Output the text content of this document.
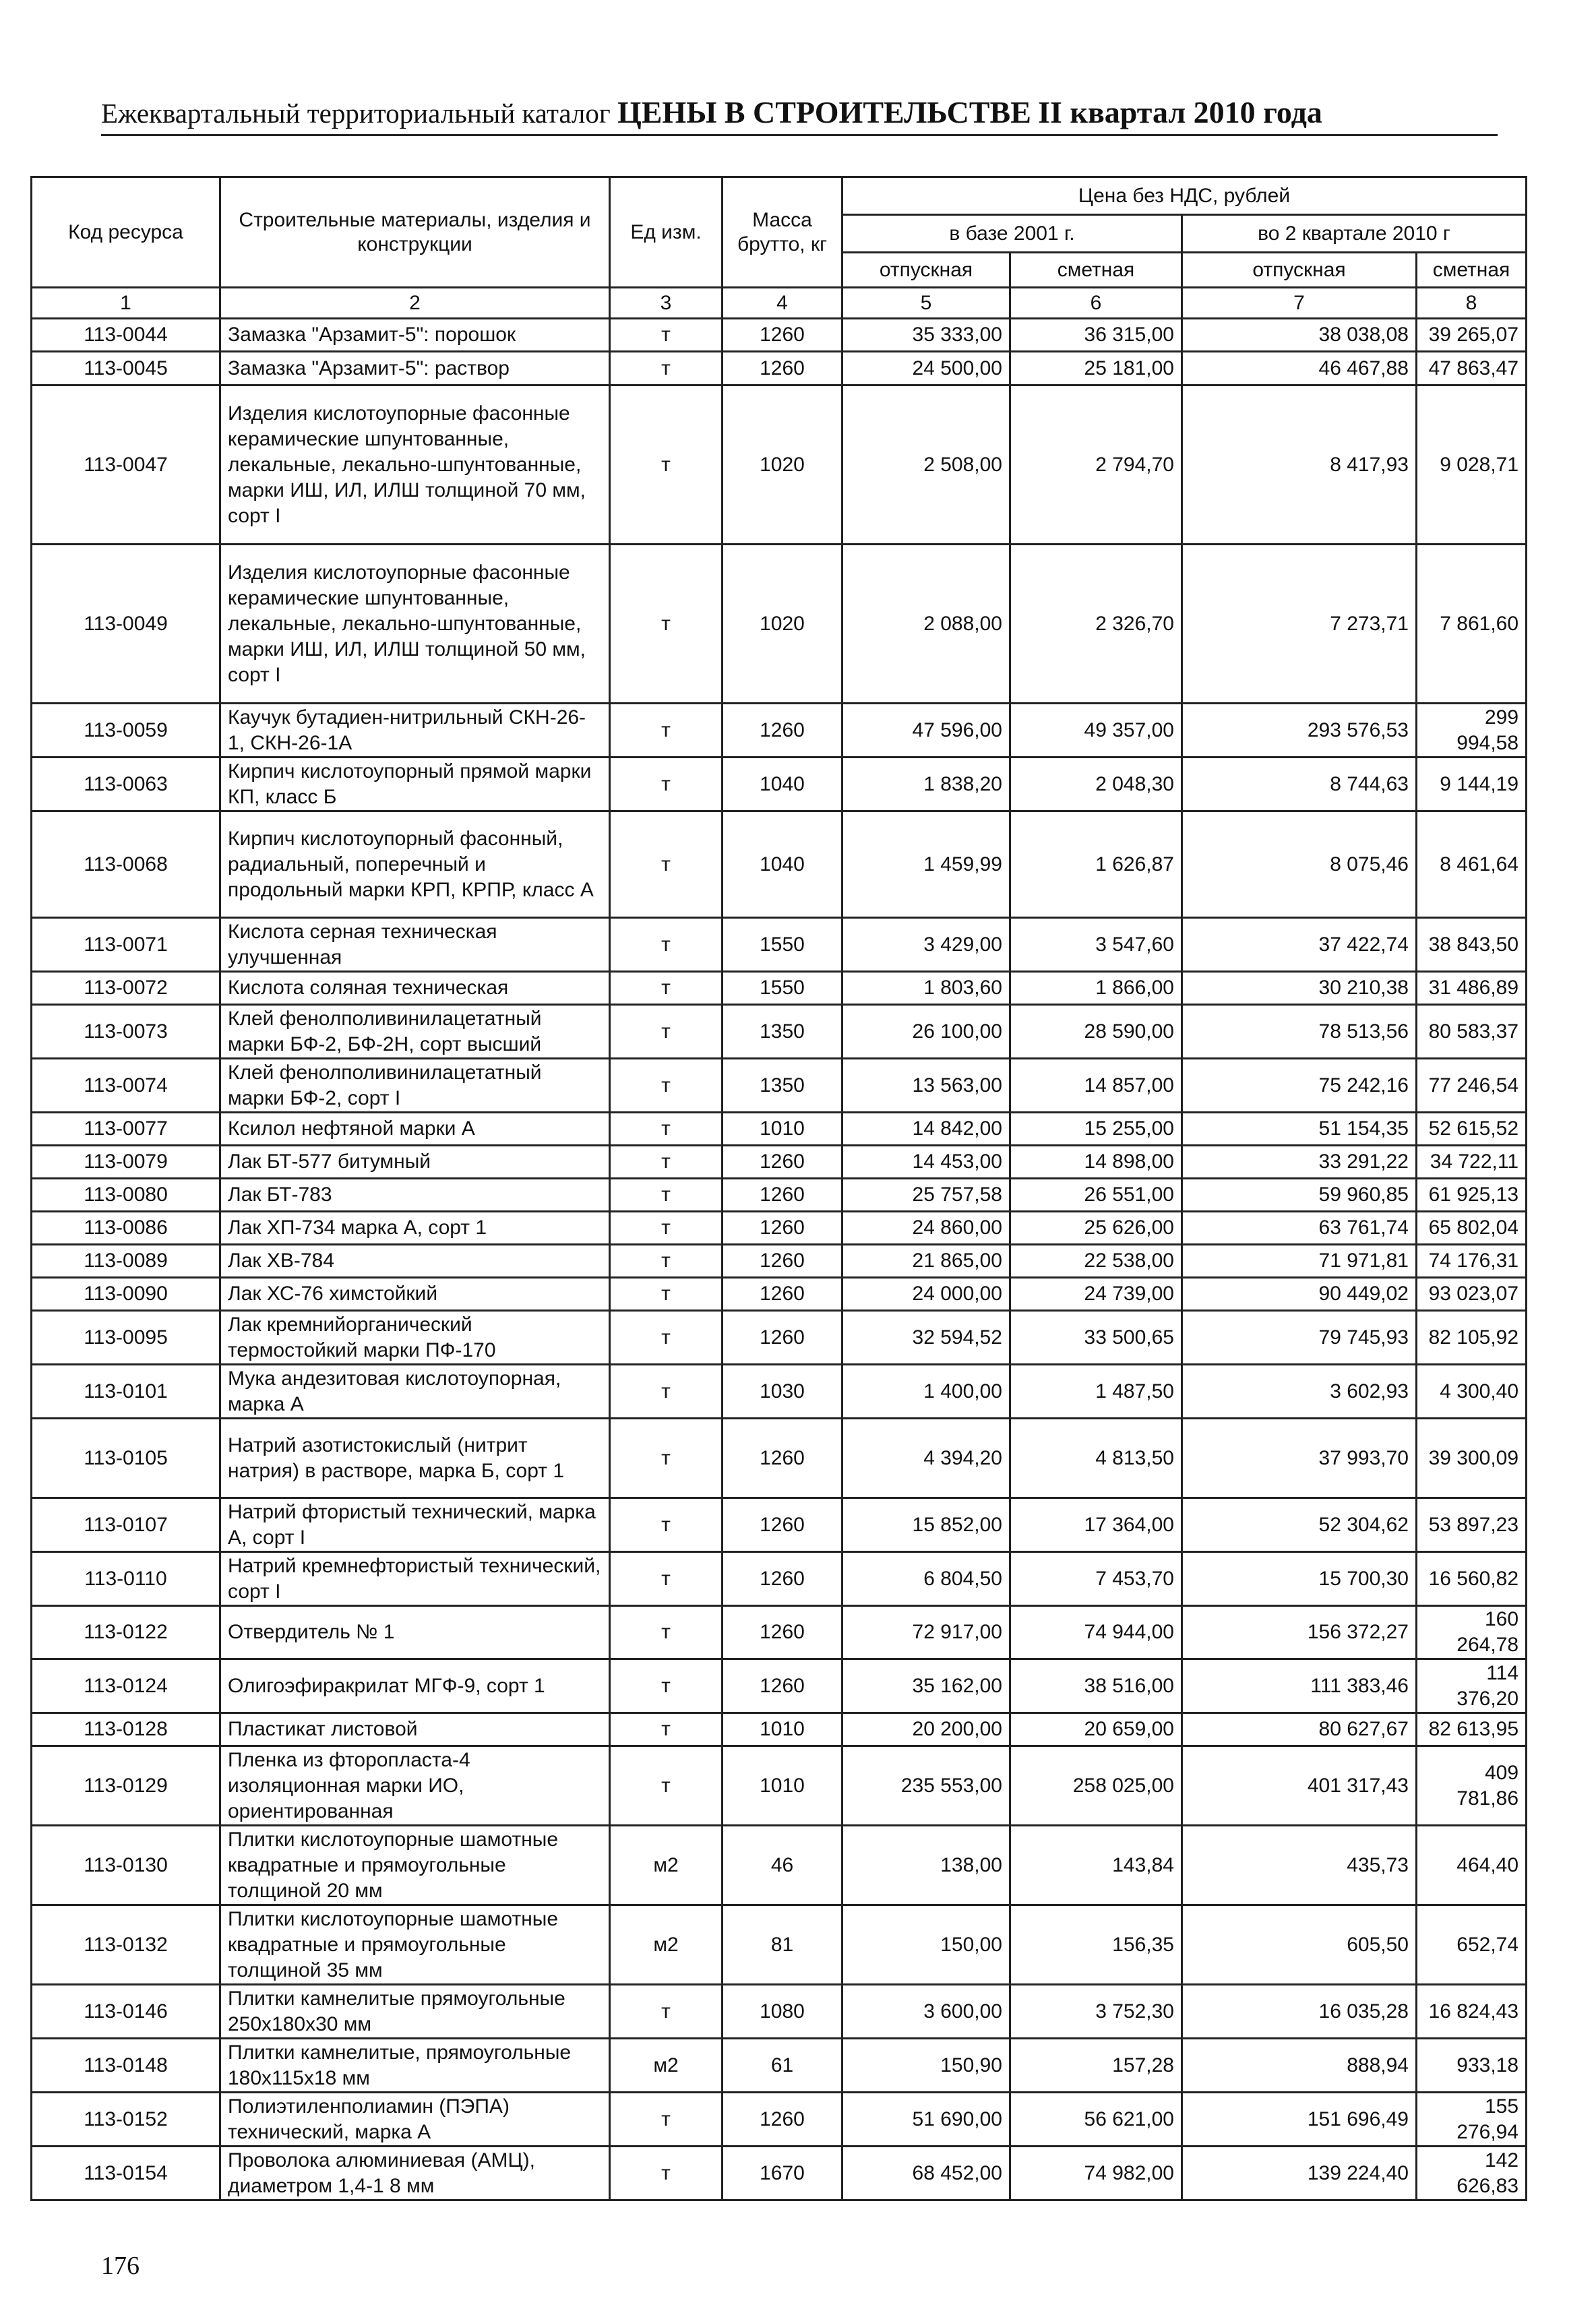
Ежеквартальный территориальный каталог ЦЕНЫ В СТРОИТЕЛЬСТВЕ II квартал 2010 года
Код ресурса	Строительные материалы, изделия и конструкции	Ед изм.	Масса брутто, кг	Цена без НДС, рублей			
				в базе 2001 г.		во 2 квартале 2010 г	
				отпускная	сметная	отпускная	сметная
1	2	3	4	5	6	7	8
113-0044	Замазка "Арзамит-5": порошок	т	1260	35 333,00	36 315,00	38 038,08	39 265,07
113-0045	Замазка "Арзамит-5": раствор	т	1260	24 500,00	25 181,00	46 467,88	47 863,47
113-0047	Изделия кислотоупорные фасонные керамические шпунтованные, лекальные, лекально-шпунтованные, марки ИШ, ИЛ, ИЛШ толщиной 70 мм, сорт I	т	1020	2 508,00	2 794,70	8 417,93	9 028,71
113-0049	Изделия кислотоупорные фасонные керамические шпунтованные, лекальные, лекально-шпунтованные, марки ИШ, ИЛ, ИЛШ толщиной 50 мм, сорт I	т	1020	2 088,00	2 326,70	7 273,71	7 861,60
113-0059	Каучук бутадиен-нитрильный СКН-26-1, СКН-26-1А	т	1260	47 596,00	49 357,00	293 576,53	299 994,58
113-0063	Кирпич кислотоупорный прямой марки КП, класс Б	т	1040	1 838,20	2 048,30	8 744,63	9 144,19
113-0068	Кирпич кислотоупорный фасонный, радиальный, поперечный и продольный марки КРП, КРПР, класс А	т	1040	1 459,99	1 626,87	8 075,46	8 461,64
113-0071	Кислота серная техническая улучшенная	т	1550	3 429,00	3 547,60	37 422,74	38 843,50
113-0072	Кислота соляная техническая	т	1550	1 803,60	1 866,00	30 210,38	31 486,89
113-0073	Клей фенолполивинилацетатный марки БФ-2, БФ-2Н, сорт высший	т	1350	26 100,00	28 590,00	78 513,56	80 583,37
113-0074	Клей фенолполивинилацетатный марки БФ-2, сорт I	т	1350	13 563,00	14 857,00	75 242,16	77 246,54
113-0077	Ксилол нефтяной марки А	т	1010	14 842,00	15 255,00	51 154,35	52 615,52
113-0079	Лак БТ-577 битумный	т	1260	14 453,00	14 898,00	33 291,22	34 722,11
113-0080	Лак БТ-783	т	1260	25 757,58	26 551,00	59 960,85	61 925,13
113-0086	Лак ХП-734 марка А, сорт 1	т	1260	24 860,00	25 626,00	63 761,74	65 802,04
113-0089	Лак ХВ-784	т	1260	21 865,00	22 538,00	71 971,81	74 176,31
113-0090	Лак ХС-76 химстойкий	т	1260	24 000,00	24 739,00	90 449,02	93 023,07
113-0095	Лак кремнийорганический термостойкий марки ПФ-170	т	1260	32 594,52	33 500,65	79 745,93	82 105,92
113-0101	Мука андезитовая кислотоупорная, марка А	т	1030	1 400,00	1 487,50	3 602,93	4 300,40
113-0105	Натрий азотистокислый (нитрит натрия) в растворе, марка Б, сорт 1	т	1260	4 394,20	4 813,50	37 993,70	39 300,09
113-0107	Натрий фтористый технический, марка А, сорт I	т	1260	15 852,00	17 364,00	52 304,62	53 897,23
113-0110	Натрий кремнефтористый технический, сорт I	т	1260	6 804,50	7 453,70	15 700,30	16 560,82
113-0122	Отвердитель № 1	т	1260	72 917,00	74 944,00	156 372,27	160 264,78
113-0124	Олигоэфиракрилат МГФ-9, сорт 1	т	1260	35 162,00	38 516,00	111 383,46	114 376,20
113-0128	Пластикат листовой	т	1010	20 200,00	20 659,00	80 627,67	82 613,95
113-0129	Пленка из фторопласта-4 изоляционная марки ИО, ориентированная	т	1010	235 553,00	258 025,00	401 317,43	409 781,86
113-0130	Плитки кислотоупорные шамотные квадратные и прямоугольные толщиной 20 мм	м2	46	138,00	143,84	435,73	464,40
113-0132	Плитки кислотоупорные шамотные квадратные и прямоугольные толщиной 35 мм	м2	81	150,00	156,35	605,50	652,74
113-0146	Плитки камнелитые прямоугольные 250x180x30 мм	т	1080	3 600,00	3 752,30	16 035,28	16 824,43
113-0148	Плитки камнелитые, прямоугольные 180x115x18 мм	м2	61	150,90	157,28	888,94	933,18
113-0152	Полиэтиленполиамин (ПЭПА) технический, марка А	т	1260	51 690,00	56 621,00	151 696,49	155 276,94
113-0154	Проволока алюминиевая (АМЦ), диаметром 1,4-1 8 мм	т	1670	68 452,00	74 982,00	139 224,40	142 626,83
176
